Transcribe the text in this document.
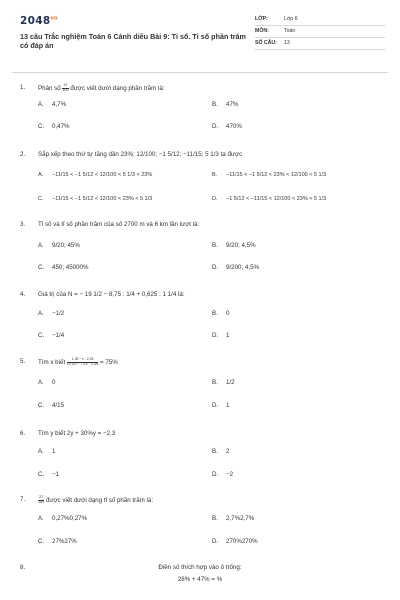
$2048^{vn}$
13 câu Trắc nghiệm Toán 6 Cánh diều Bài 9: Tỉ số. Tỉ số phần trăm có đáp án
LỚP:	Lớp 6
MÔN:	Toán
SỐ CÂU:	13
1.	Phân số $\frac{47}{100}$ được viết dưới dạng phần trăm là:
A. 4,7%	B. 47%
C. 0,47%	D. 470%
2.	Sắp xếp theo thứ tự tăng dần 23%; 12/100; −1 5/12; −11/15; 5 1/3 ta được
A. −11/15 < −1 5/12 < 12/100 < 5 1/3 < 23%	B. −11/15 < −1 5/12 < 23% < 12/100 < 5 1/3
C. −11/15 < −1 5/12 < 12/100 < 23% < 5 1/3	D. −1 5/12 < −11/15 < 12/100 < 23% < 5 1/3
3.	Tỉ số và tỉ số phần trăm của số 2700 m và 6 km lần lượt là:
A. 9/20; 45%	B. 9/20; 4,5%
C. 450; 45000%	D. 9/200; 4,5%
4.	Giá trị của N = − 19 1/2 − 8,75 : 1/4 + 0,625 : 1 1/4 là:
A. −1/2	B. 0
C. −1/4	D. 1
5.	Tìm x biết $\frac{1,35 - x : 2,25}{10 2/3 - 7 1/2 \cdot 2 2/5} = 75\%$
A. 0	B. 1/2
C. 4/15	D. 1
6.	Tìm y biết 2y + 30%y = −2,3
A. 1	B. 2
C. −1	D. −2
7.	$\frac{27}{100}$ được viết dưới dạng tỉ số phần trăm là:
A. 0,27%0,27%	B. 2,7%2,7%
C. 27%27%	D. 270%270%
8.	Điền số thích hợp vào ô trống:
28% + 47% = %
